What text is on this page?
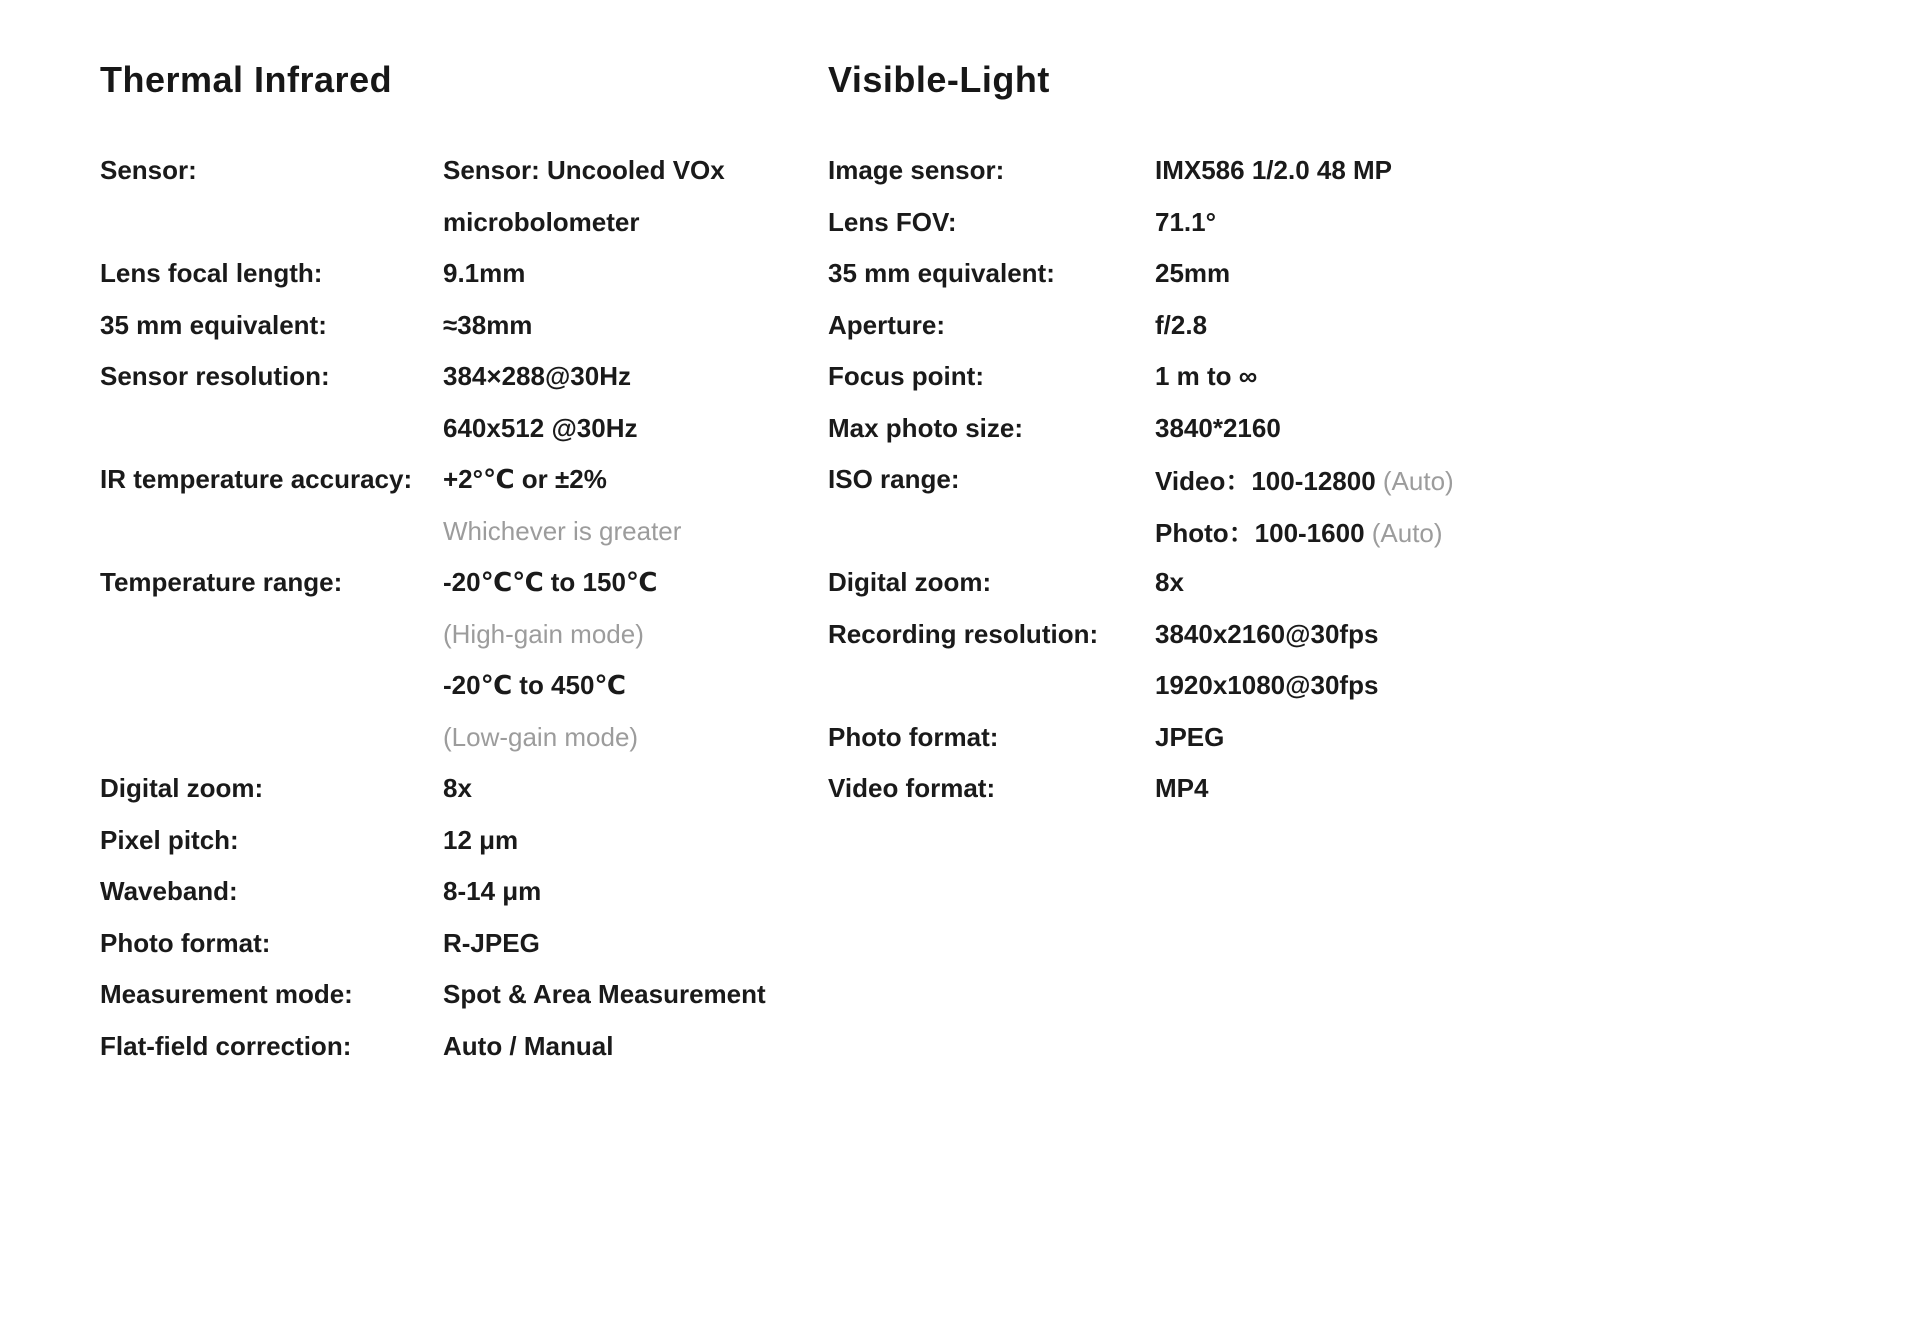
Thermal Infrared
Sensor:	Sensor: Uncooled VOx
microbolometer
Lens focal length:	9.1mm
35 mm equivalent:	≈38mm
Sensor resolution:	384×288@30Hz
640x512 @30Hz
IR temperature accuracy:	+2°℃ or ±2%
Whichever is greater
Temperature range:	-20℃℃ to 150℃
(High-gain mode)
-20℃ to 450℃
(Low-gain mode)
Digital zoom:	8x
Pixel pitch:	12 μm
Waveband:	8-14 μm
Photo format:	R-JPEG
Measurement mode:	Spot & Area Measurement
Flat-field correction:	Auto / Manual
Visible-Light
Image sensor:	IMX586 1/2.0 48 MP
Lens FOV:	71.1°
35 mm equivalent:	25mm
Aperture:	f/2.8
Focus point:	1 m to ∞
Max photo size:	3840*2160
ISO range:	Video：100-12800 (Auto)
Photo：100-1600 (Auto)
Digital zoom:	8x
Recording resolution:	3840x2160@30fps
1920x1080@30fps
Photo format:	JPEG
Video format:	MP4
